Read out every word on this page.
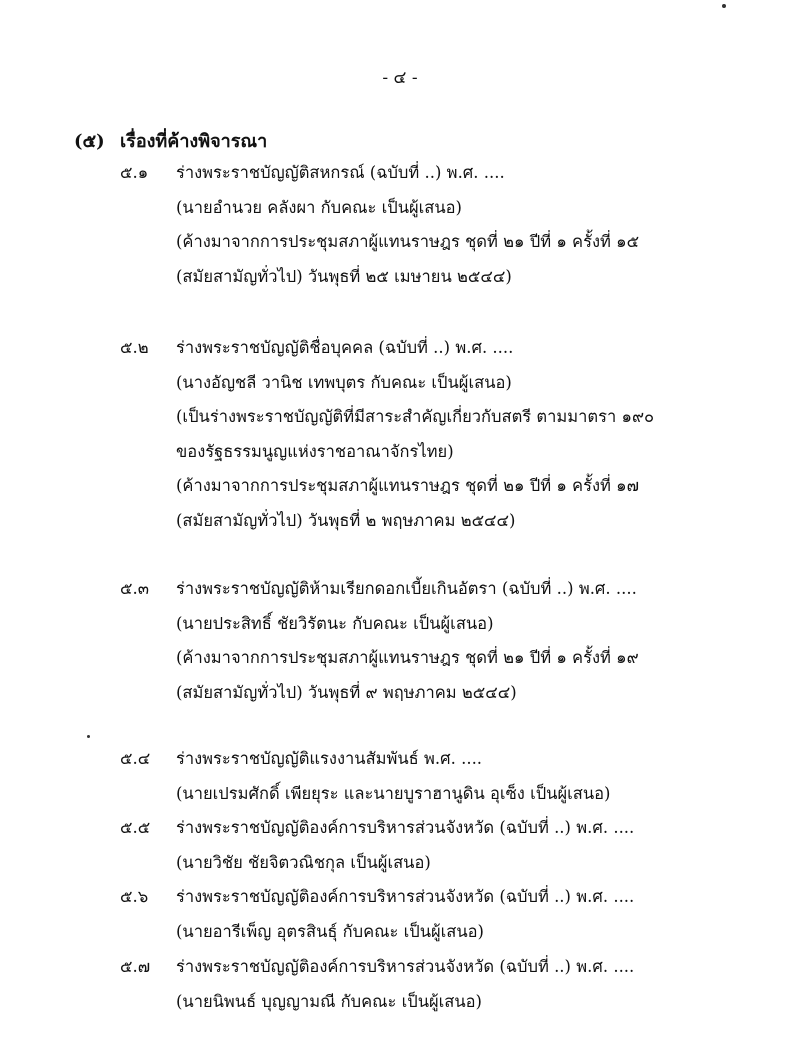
- ๔ -
(๕) เรื่องที่ค้างพิจารณา
๕.๑	ร่างพระราชบัญญัติสหกรณ์ (ฉบับที่ ..) พ.ศ. ....
(นายอำนวย คลังผา กับคณะ เป็นผู้เสนอ)
(ค้างมาจากการประชุมสภาผู้แทนราษฎร ชุดที่ ๒๑ ปีที่ ๑ ครั้งที่ ๑๕
(สมัยสามัญทั่วไป) วันพุธที่ ๒๕ เมษายน ๒๕๔๔)
๕.๒	ร่างพระราชบัญญัติชื่อบุคคล (ฉบับที่ ..) พ.ศ. ....
(นางอัญชลี วานิช เทพบุตร กับคณะ เป็นผู้เสนอ)
(เป็นร่างพระราชบัญญัติที่มีสาระสำคัญเกี่ยวกับสตรี ตามมาตรา ๑๙๐
ของรัฐธรรมนูญแห่งราชอาณาจักรไทย)
(ค้างมาจากการประชุมสภาผู้แทนราษฎร ชุดที่ ๒๑ ปีที่ ๑ ครั้งที่ ๑๗
(สมัยสามัญทั่วไป) วันพุธที่ ๒ พฤษภาคม ๒๕๔๔)
๕.๓	ร่างพระราชบัญญัติห้ามเรียกดอกเบี้ยเกินอัตรา (ฉบับที่ ..) พ.ศ. ....
(นายประสิทธิ์ ชัยวิรัตนะ กับคณะ เป็นผู้เสนอ)
(ค้างมาจากการประชุมสภาผู้แทนราษฎร ชุดที่ ๒๑ ปีที่ ๑ ครั้งที่ ๑๙
(สมัยสามัญทั่วไป) วันพุธที่ ๙ พฤษภาคม ๒๕๔๔)
๕.๔	ร่างพระราชบัญญัติแรงงานสัมพันธ์ พ.ศ. ....
(นายเปรมศักดิ์ เพียยุระ และนายบูราฮานูดิน อุเซ็ง เป็นผู้เสนอ)
๕.๕	ร่างพระราชบัญญัติองค์การบริหารส่วนจังหวัด (ฉบับที่ ..) พ.ศ. ....
(นายวิชัย ชัยจิตวณิชกุล เป็นผู้เสนอ)
๕.๖	ร่างพระราชบัญญัติองค์การบริหารส่วนจังหวัด (ฉบับที่ ..) พ.ศ. ....
(นายอารีเพ็ญ อุตรสินธุ์ กับคณะ เป็นผู้เสนอ)
๕.๗	ร่างพระราชบัญญัติองค์การบริหารส่วนจังหวัด (ฉบับที่ ..) พ.ศ. ....
(นายนิพนธ์ บุญญามณี กับคณะ เป็นผู้เสนอ)
